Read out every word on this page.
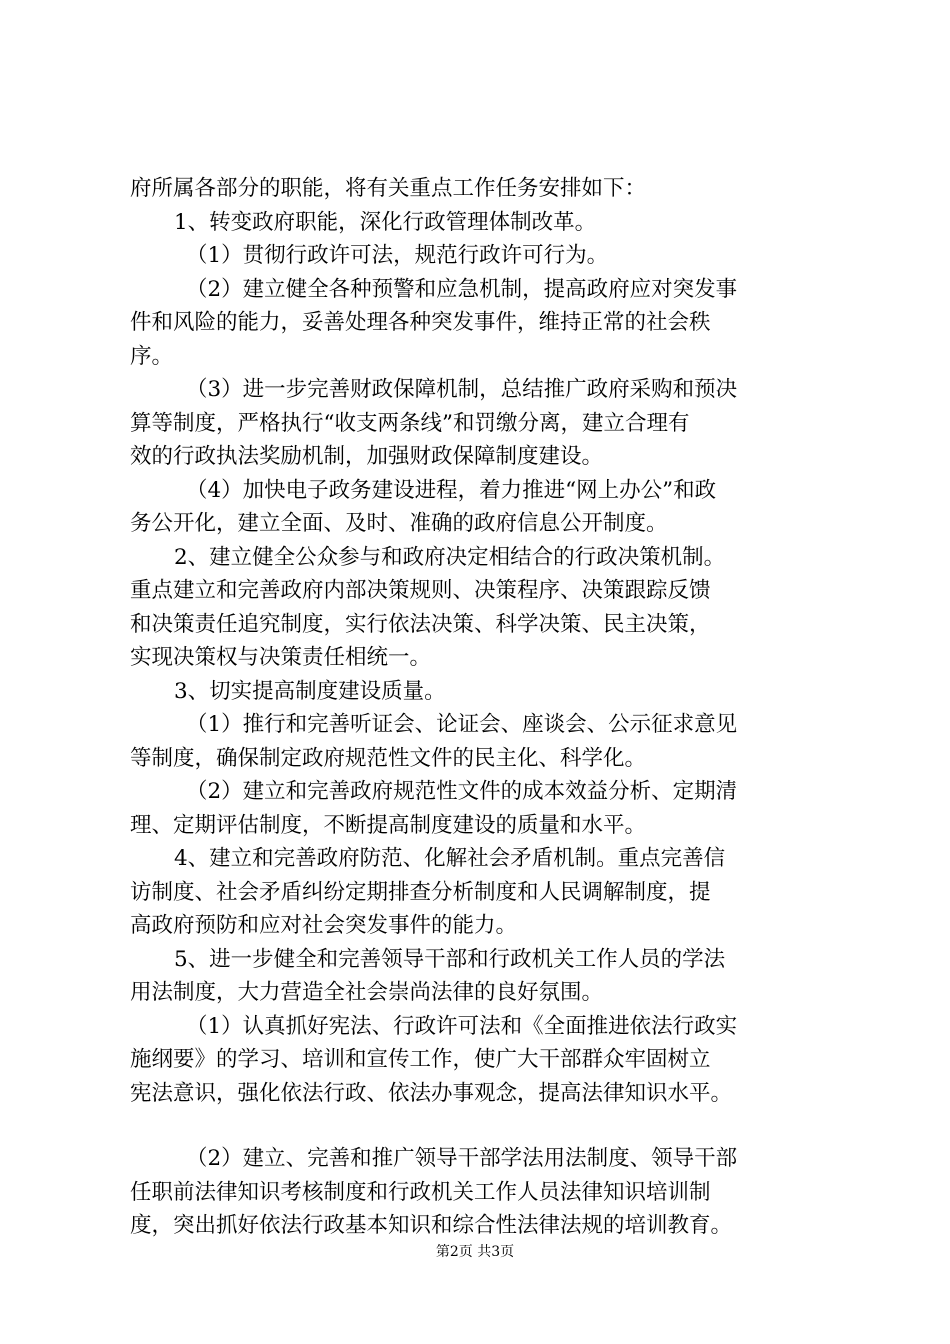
府所属各部分的职能，将有关重点工作任务安排如下：

1、转变政府职能，深化行政管理体制改革。

（1）贯彻行政许可法，规范行政许可行为。

（2）建立健全各种预警和应急机制，提高政府应对突发事

件和风险的能力，妥善处理各种突发事件，维持正常的社会秩

序。

（3）进一步完善财政保障机制，总结推广政府采购和预决

算等制度，严格执行“收支两条线”和罚缴分离，建立合理有

效的行政执法奖励机制，加强财政保障制度建设。

（4）加快电子政务建设进程，着力推进“网上办公”和政

务公开化，建立全面、及时、准确的政府信息公开制度。

2、建立健全公众参与和政府决定相结合的行政决策机制。

重点建立和完善政府内部决策规则、决策程序、决策跟踪反馈

和决策责任追究制度，实行依法决策、科学决策、民主决策，

实现决策权与决策责任相统一。

3、切实提高制度建设质量。

（1）推行和完善听证会、论证会、座谈会、公示征求意见

等制度，确保制定政府规范性文件的民主化、科学化。

（2）建立和完善政府规范性文件的成本效益分析、定期清

理、定期评估制度，不断提高制度建设的质量和水平。

4、建立和完善政府防范、化解社会矛盾机制。重点完善信

访制度、社会矛盾纠纷定期排查分析制度和人民调解制度，提

高政府预防和应对社会突发事件的能力。

5、进一步健全和完善领导干部和行政机关工作人员的学法

用法制度，大力营造全社会崇尚法律的良好氛围。

（1）认真抓好宪法、行政许可法和《全面推进依法行政实

施纲要》的学习、培训和宣传工作，使广大干部群众牢固树立

宪法意识，强化依法行政、依法办事观念，提高法律知识水平。

（2）建立、完善和推广领导干部学法用法制度、领导干部

任职前法律知识考核制度和行政机关工作人员法律知识培训制

度，突出抓好依法行政基本知识和综合性法律法规的培训教育。

第2页 共3页
